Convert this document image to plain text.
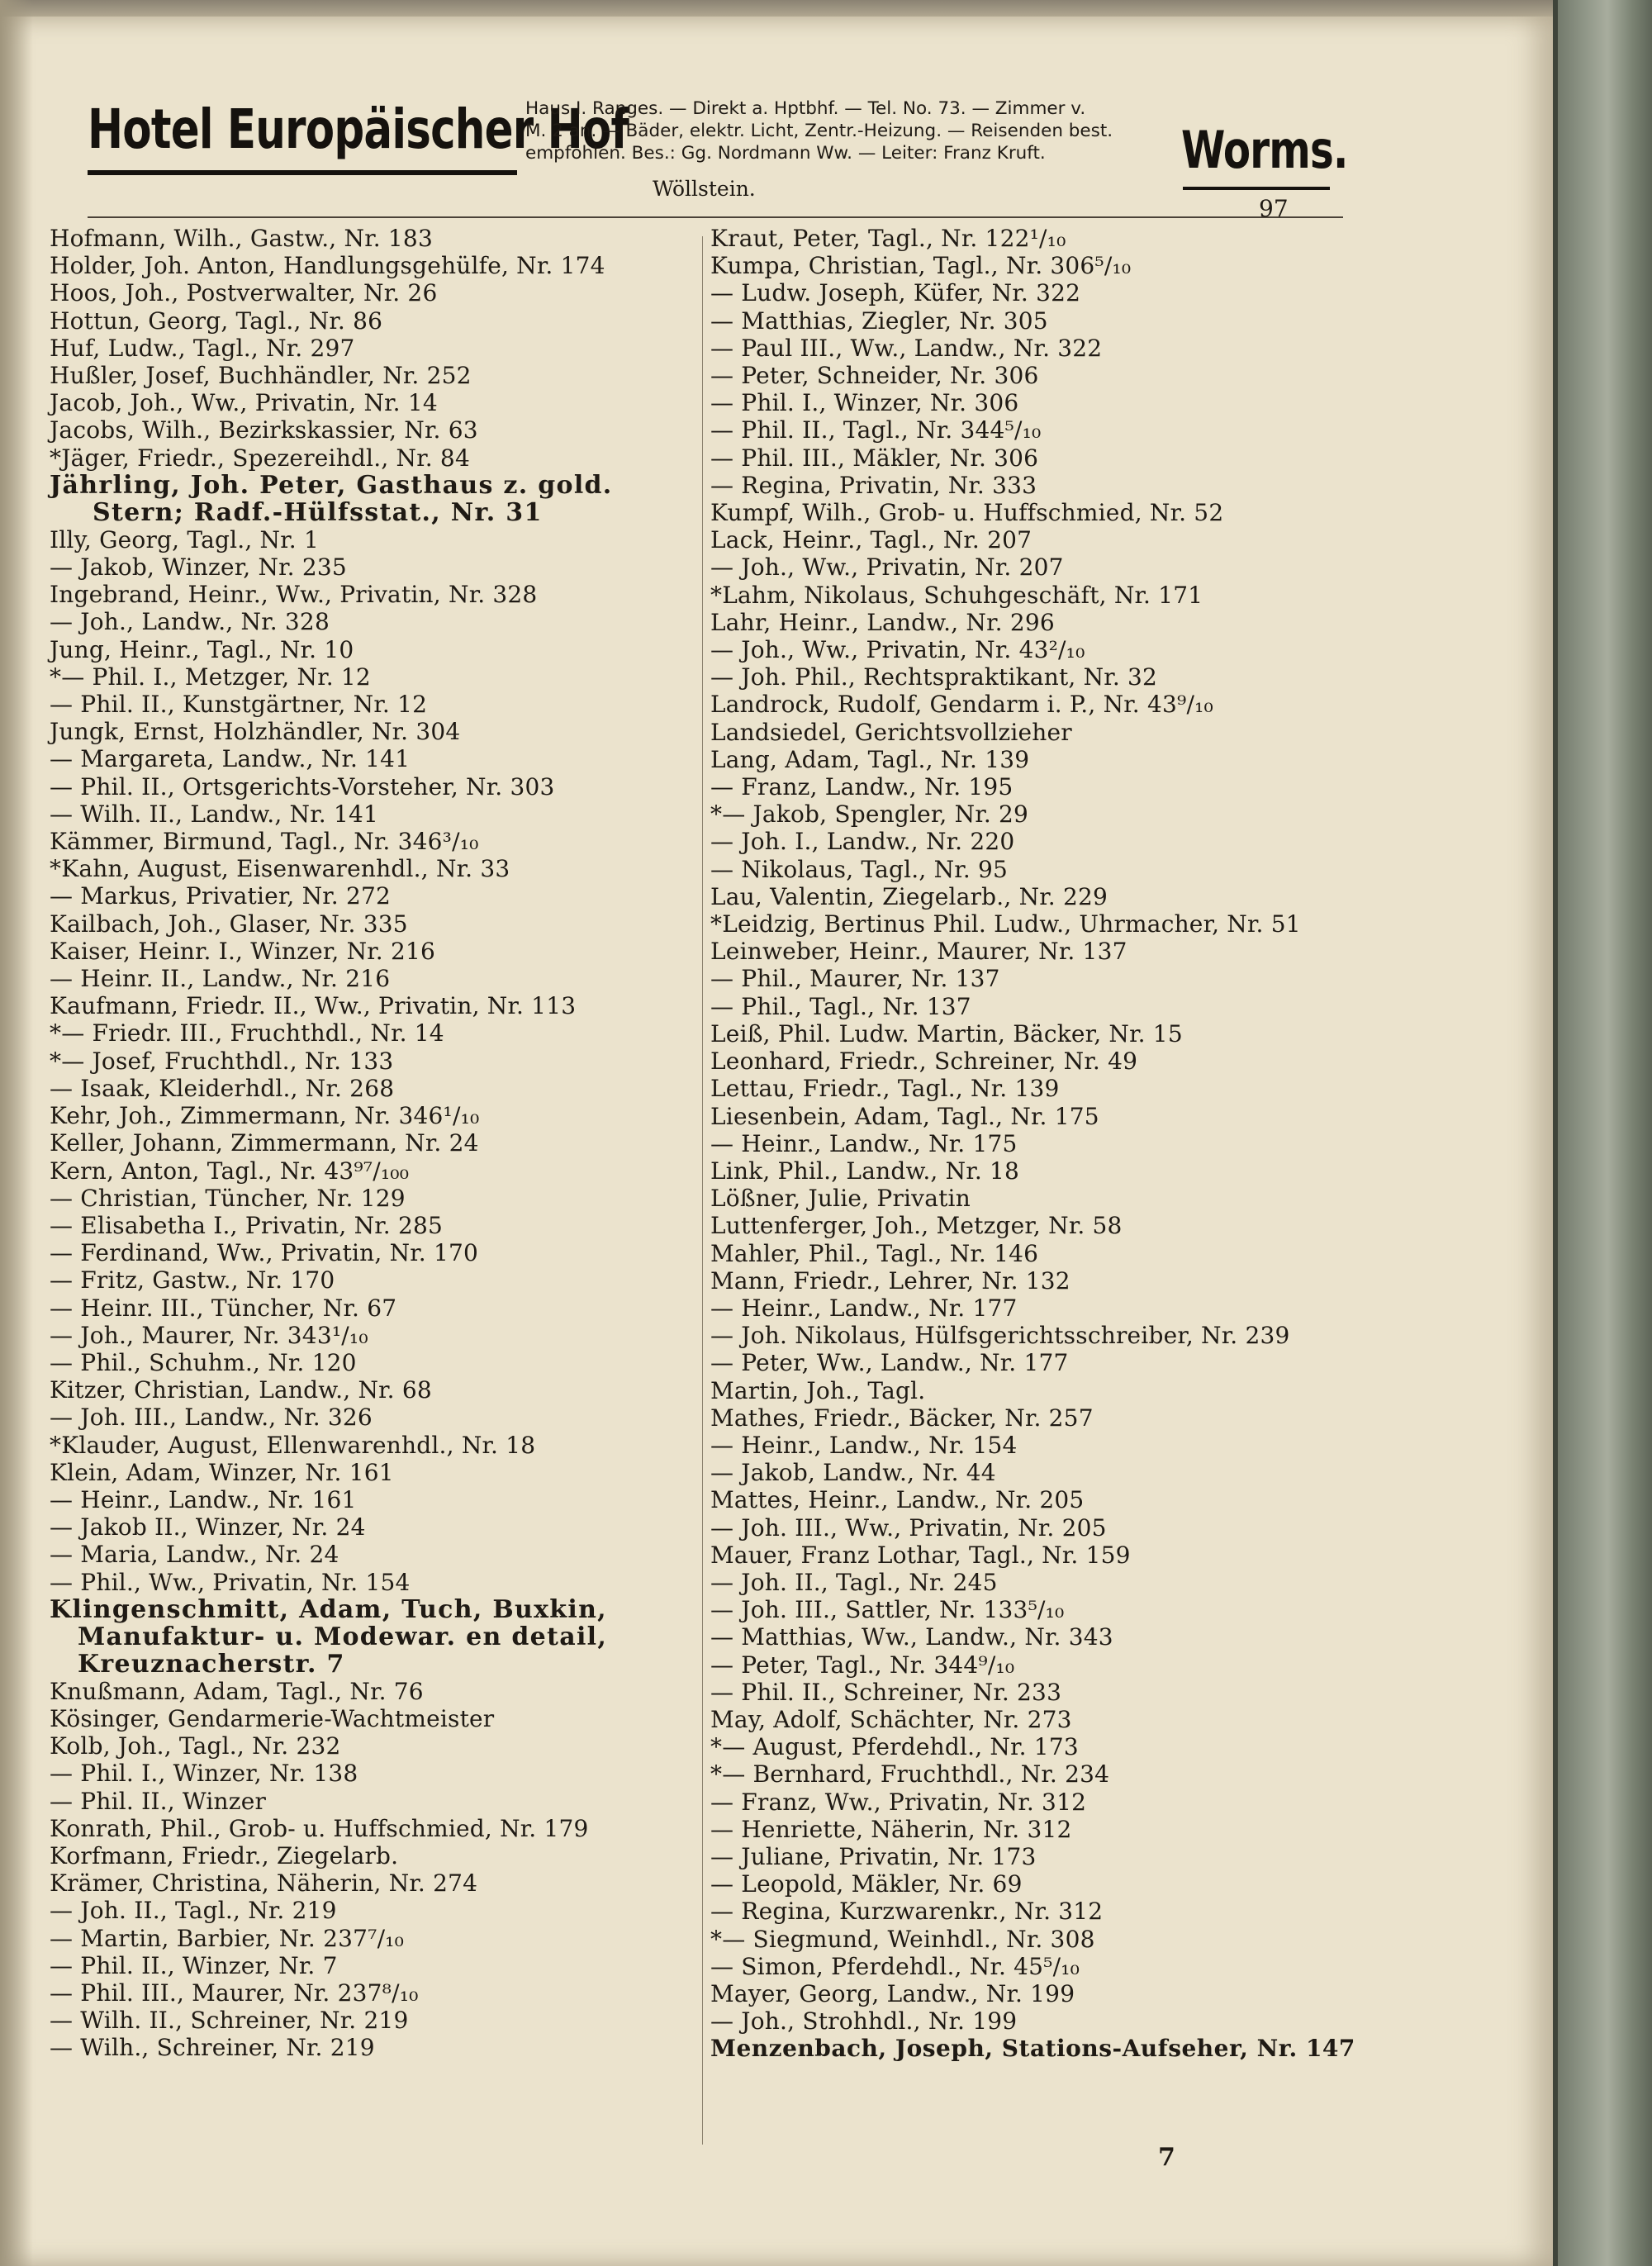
Hotel Europäischer Hof
Haus I. Ranges. — Direkt a. Hptbhf. — Tel. No. 73. — Zimmer v.
M. 2 an. — Bäder, elektr. Licht, Zentr.-Heizung. — Reisenden best.
empfohlen. Bes.: Gg. Nordmann Ww. — Leiter: Franz Kruft.
Wöllstein.
Worms.
97
Hofmann, Wilh., Gastw., Nr. 183
Holder, Joh. Anton, Handlungsgehülfe, Nr. 174
Hoos, Joh., Postverwalter, Nr. 26
Hottun, Georg, Tagl., Nr. 86
Huf, Ludw., Tagl., Nr. 297
Hußler, Josef, Buchhändler, Nr. 252
Jacob, Joh., Ww., Privatin, Nr. 14
Jacobs, Wilh., Bezirkskassier, Nr. 63
*Jäger, Friedr., Spezereihdl., Nr. 84
Jährling, Joh. Peter, Gasthaus z. gold.
Stern; Radf.-Hülfsstat., Nr. 31
Illy, Georg, Tagl., Nr. 1
— Jakob, Winzer, Nr. 235
Ingebrand, Heinr., Ww., Privatin, Nr. 328
— Joh., Landw., Nr. 328
Jung, Heinr., Tagl., Nr. 10
*— Phil. I., Metzger, Nr. 12
— Phil. II., Kunstgärtner, Nr. 12
Jungk, Ernst, Holzhändler, Nr. 304
— Margareta, Landw., Nr. 141
— Phil. II., Ortsgerichts-Vorsteher, Nr. 303
— Wilh. II., Landw., Nr. 141
Kämmer, Birmund, Tagl., Nr. 346³/₁₀
*Kahn, August, Eisenwarenhdl., Nr. 33
— Markus, Privatier, Nr. 272
Kailbach, Joh., Glaser, Nr. 335
Kaiser, Heinr. I., Winzer, Nr. 216
— Heinr. II., Landw., Nr. 216
Kaufmann, Friedr. II., Ww., Privatin, Nr. 113
*— Friedr. III., Fruchthdl., Nr. 14
*— Josef, Fruchthdl., Nr. 133
— Isaak, Kleiderhdl., Nr. 268
Kehr, Joh., Zimmermann, Nr. 346¹/₁₀
Keller, Johann, Zimmermann, Nr. 24
Kern, Anton, Tagl., Nr. 43⁹⁷/₁₀₀
— Christian, Tüncher, Nr. 129
— Elisabetha I., Privatin, Nr. 285
— Ferdinand, Ww., Privatin, Nr. 170
— Fritz, Gastw., Nr. 170
— Heinr. III., Tüncher, Nr. 67
— Joh., Maurer, Nr. 343¹/₁₀
— Phil., Schuhm., Nr. 120
Kitzer, Christian, Landw., Nr. 68
— Joh. III., Landw., Nr. 326
*Klauder, August, Ellenwarenhdl., Nr. 18
Klein, Adam, Winzer, Nr. 161
— Heinr., Landw., Nr. 161
— Jakob II., Winzer, Nr. 24
— Maria, Landw., Nr. 24
— Phil., Ww., Privatin, Nr. 154
Klingenschmitt, Adam, Tuch, Buxkin,
Manufaktur- u. Modewar. en detail,
Kreuznacherstr. 7
Knußmann, Adam, Tagl., Nr. 76
Kösinger, Gendarmerie-Wachtmeister
Kolb, Joh., Tagl., Nr. 232
— Phil. I., Winzer, Nr. 138
— Phil. II., Winzer
Konrath, Phil., Grob- u. Huffschmied, Nr. 179
Korfmann, Friedr., Ziegelarb.
Krämer, Christina, Näherin, Nr. 274
— Joh. II., Tagl., Nr. 219
— Martin, Barbier, Nr. 237⁷/₁₀
— Phil. II., Winzer, Nr. 7
— Phil. III., Maurer, Nr. 237⁸/₁₀
— Wilh. II., Schreiner, Nr. 219
— Wilh., Schreiner, Nr. 219
Kraut, Peter, Tagl., Nr. 122¹/₁₀
Kumpa, Christian, Tagl., Nr. 306⁵/₁₀
— Ludw. Joseph, Küfer, Nr. 322
— Matthias, Ziegler, Nr. 305
— Paul III., Ww., Landw., Nr. 322
— Peter, Schneider, Nr. 306
— Phil. I., Winzer, Nr. 306
— Phil. II., Tagl., Nr. 344⁵/₁₀
— Phil. III., Mäkler, Nr. 306
— Regina, Privatin, Nr. 333
Kumpf, Wilh., Grob- u. Huffschmied, Nr. 52
Lack, Heinr., Tagl., Nr. 207
— Joh., Ww., Privatin, Nr. 207
*Lahm, Nikolaus, Schuhgeschäft, Nr. 171
Lahr, Heinr., Landw., Nr. 296
— Joh., Ww., Privatin, Nr. 43²/₁₀
— Joh. Phil., Rechtspraktikant, Nr. 32
Landrock, Rudolf, Gendarm i. P., Nr. 43⁹/₁₀
Landsiedel, Gerichtsvollzieher
Lang, Adam, Tagl., Nr. 139
— Franz, Landw., Nr. 195
*— Jakob, Spengler, Nr. 29
— Joh. I., Landw., Nr. 220
— Nikolaus, Tagl., Nr. 95
Lau, Valentin, Ziegelarb., Nr. 229
*Leidzig, Bertinus Phil. Ludw., Uhrmacher, Nr. 51
Leinweber, Heinr., Maurer, Nr. 137
— Phil., Maurer, Nr. 137
— Phil., Tagl., Nr. 137
Leiß, Phil. Ludw. Martin, Bäcker, Nr. 15
Leonhard, Friedr., Schreiner, Nr. 49
Lettau, Friedr., Tagl., Nr. 139
Liesenbein, Adam, Tagl., Nr. 175
— Heinr., Landw., Nr. 175
Link, Phil., Landw., Nr. 18
Lößner, Julie, Privatin
Luttenferger, Joh., Metzger, Nr. 58
Mahler, Phil., Tagl., Nr. 146
Mann, Friedr., Lehrer, Nr. 132
— Heinr., Landw., Nr. 177
— Joh. Nikolaus, Hülfsgerichtsschreiber, Nr. 239
— Peter, Ww., Landw., Nr. 177
Martin, Joh., Tagl.
Mathes, Friedr., Bäcker, Nr. 257
— Heinr., Landw., Nr. 154
— Jakob, Landw., Nr. 44
Mattes, Heinr., Landw., Nr. 205
— Joh. III., Ww., Privatin, Nr. 205
Mauer, Franz Lothar, Tagl., Nr. 159
— Joh. II., Tagl., Nr. 245
— Joh. III., Sattler, Nr. 133⁵/₁₀
— Matthias, Ww., Landw., Nr. 343
— Peter, Tagl., Nr. 344⁹/₁₀
— Phil. II., Schreiner, Nr. 233
May, Adolf, Schächter, Nr. 273
*— August, Pferdehdl., Nr. 173
*— Bernhard, Fruchthdl., Nr. 234
— Franz, Ww., Privatin, Nr. 312
— Henriette, Näherin, Nr. 312
— Juliane, Privatin, Nr. 173
— Leopold, Mäkler, Nr. 69
— Regina, Kurzwarenkr., Nr. 312
*— Siegmund, Weinhdl., Nr. 308
— Simon, Pferdehdl., Nr. 45⁵/₁₀
Mayer, Georg, Landw., Nr. 199
— Joh., Strohhdl., Nr. 199
Menzenbach, Joseph, Stations-Aufseher, Nr. 147
7
